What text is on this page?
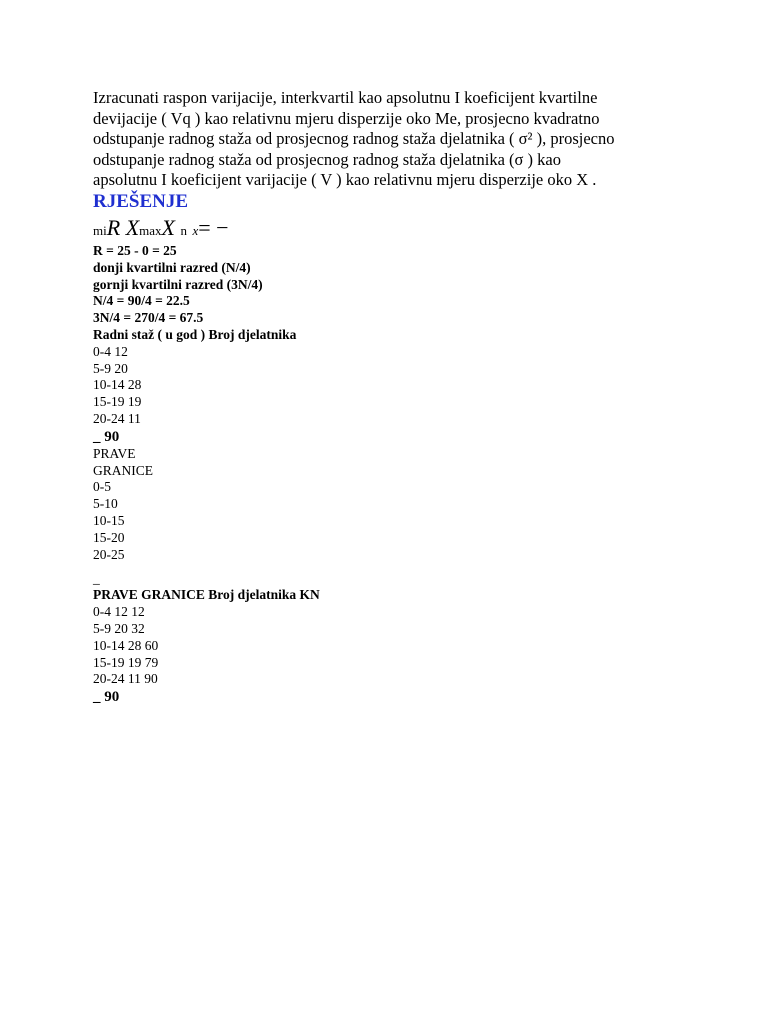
Izracunati raspon varijacije, interkvartil kao apsolutnu I koeficijent kvartilne
devijacije ( Vq ) kao relativnu mjeru disperzije oko Me, prosjecno kvadratno
odstupanje radnog staža od prosjecnog radnog staža djelatnika ( σ² ), prosjecno
odstupanje radnog staža od prosjecnog radnog staža djelatnika (σ ) kao
apsolutnu I koeficijent varijacije ( V ) kao relativnu mjeru disperzije oko X .

RJEŠENJE
miR XmaxX n x= −
R = 25 - 0 = 25
donji kvartilni razred (N/4)
gornji kvartilni razred (3N/4)
N/4 = 90/4 = 22.5
3N/4 = 270/4 = 67.5
Radni staž ( u god ) Broj djelatnika
0-4 12
5-9 20
10-14 28
15-19 19
20-24 11
_ 90
PRAVE
GRANICE
0-5
5-10
10-15
15-20
20-25
_
PRAVE GRANICE Broj djelatnika KN
0-4 12 12
5-9 20 32
10-14 28 60
15-19 19 79
20-24 11 90
_ 90
